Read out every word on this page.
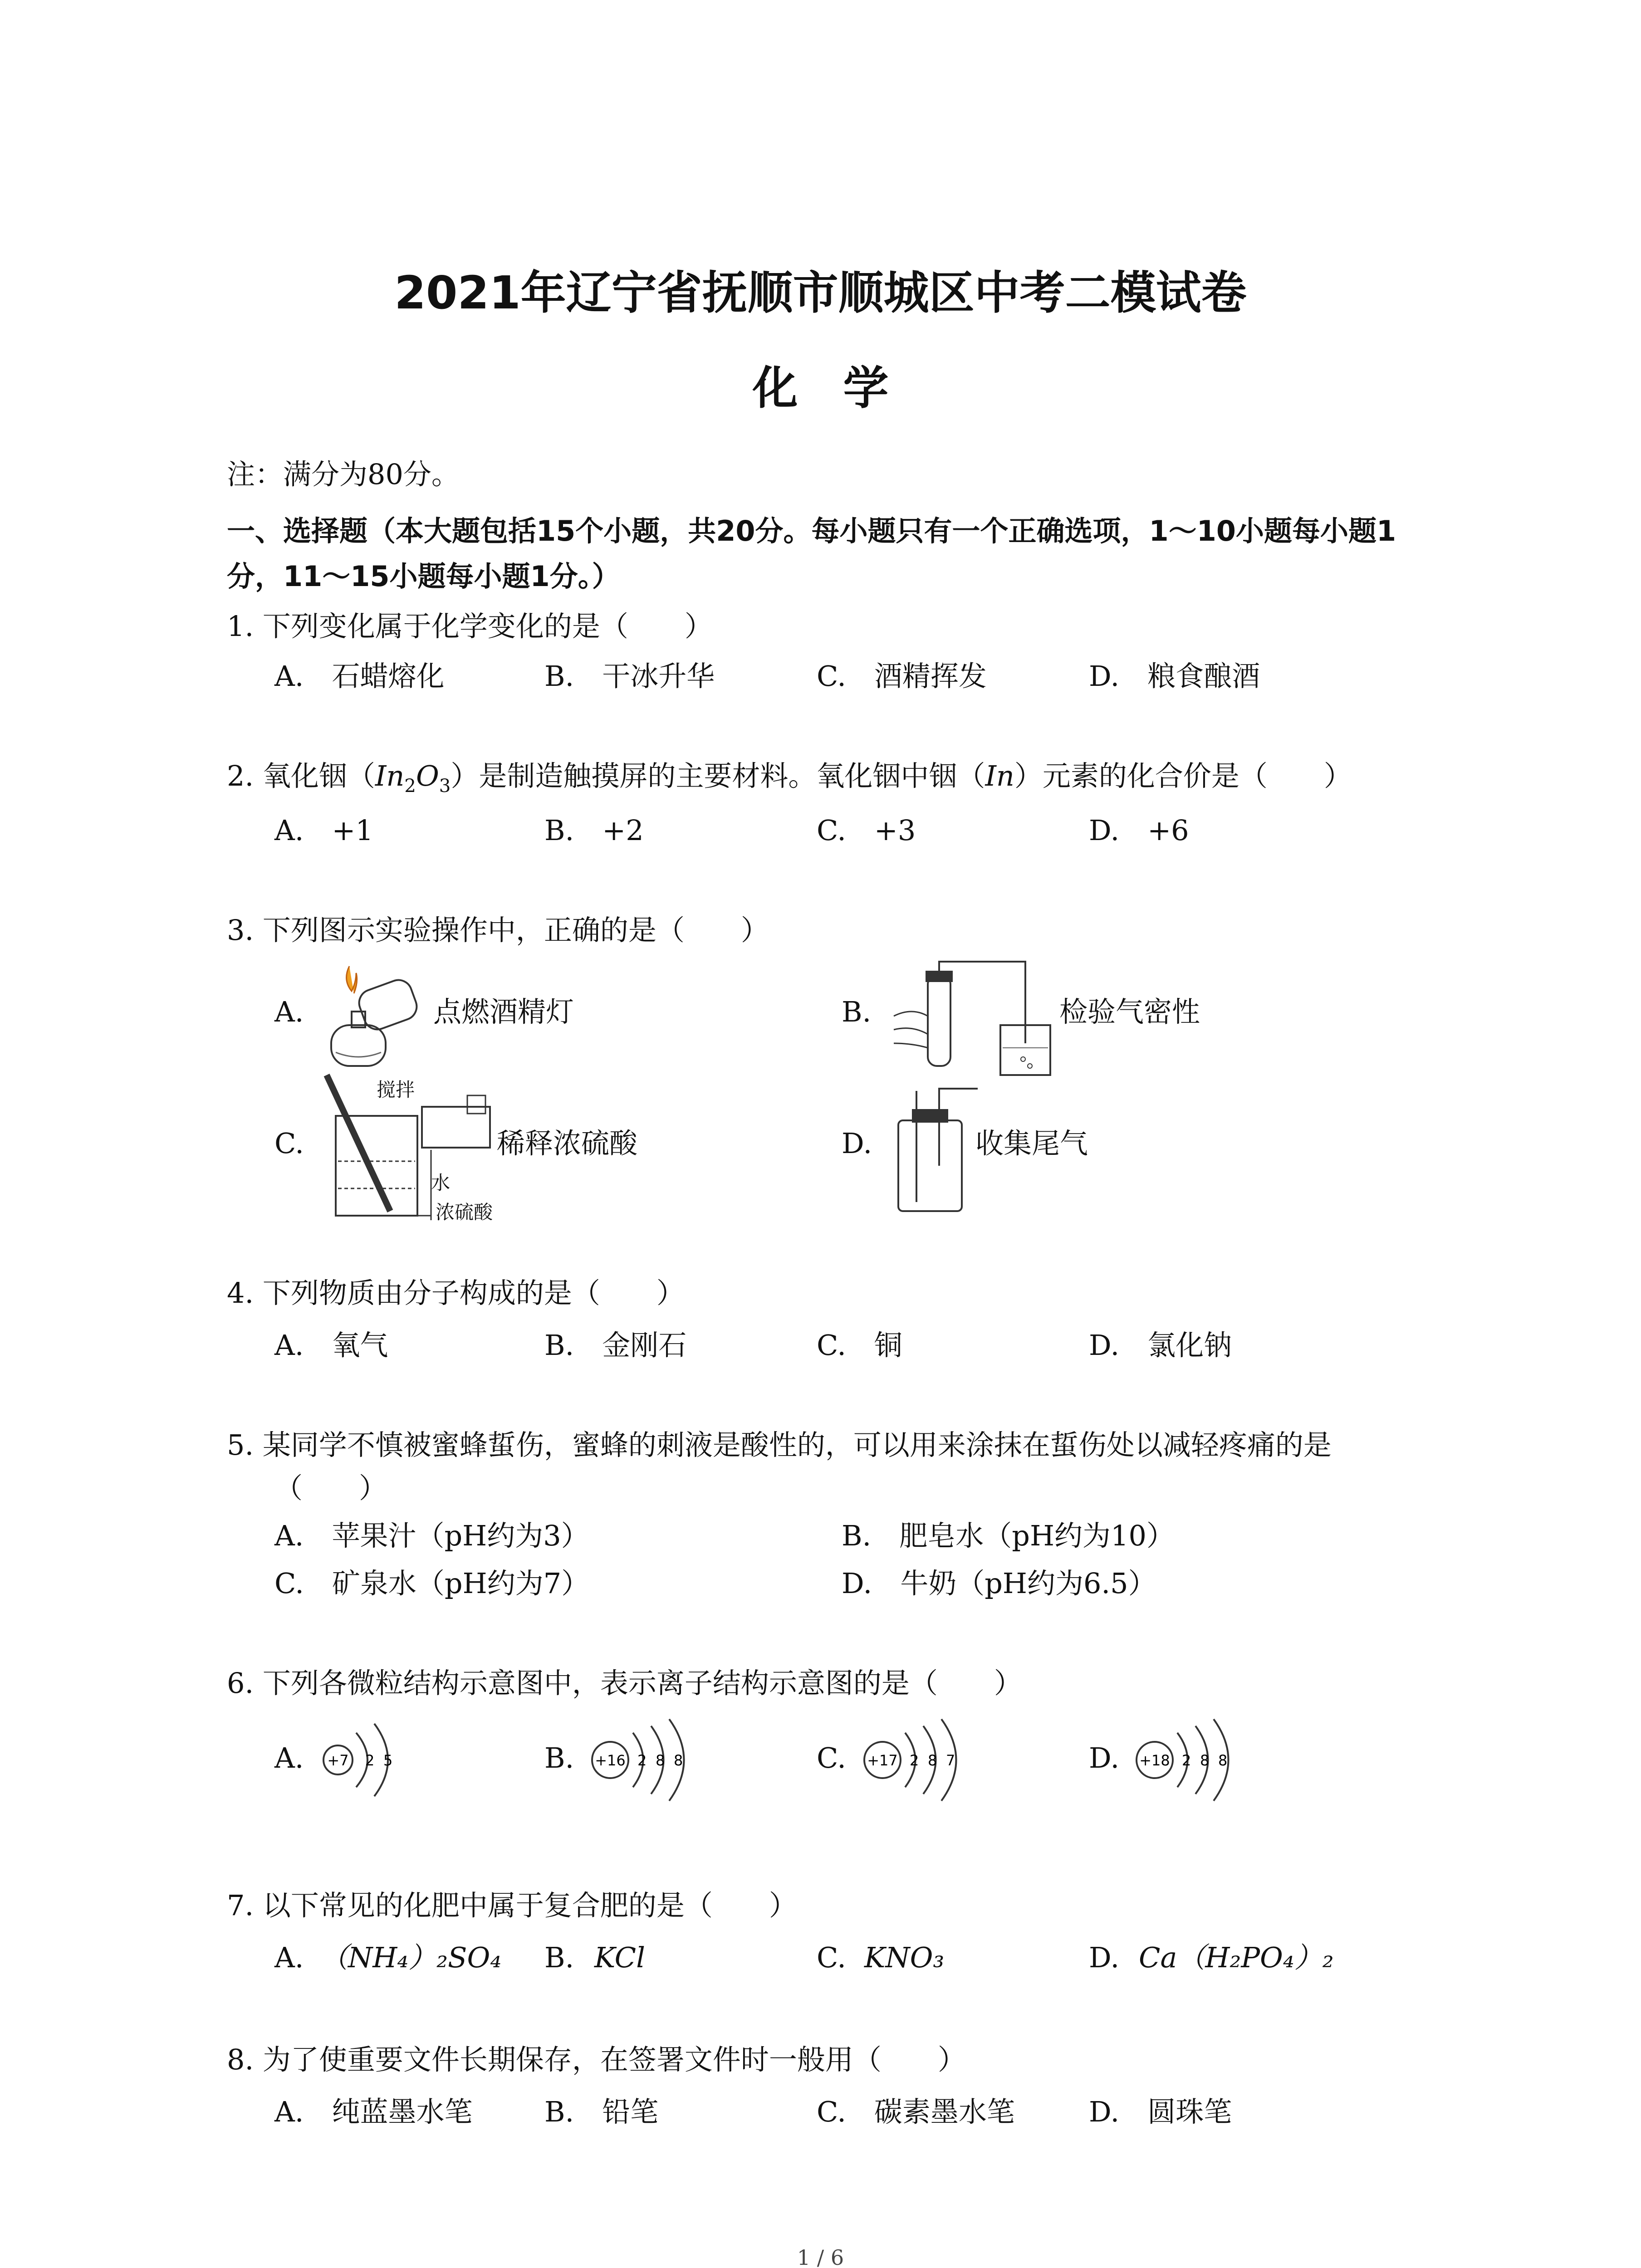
2021年辽宁省抚顺市顺城区中考二模试卷
化　学
注：满分为80分。
一、选择题（本大题包括15个小题，共20分。每小题只有一个正确选项，1～10小题每小题1
分，11～15小题每小题1分。）
1. 下列变化属于化学变化的是（　　）
A.　石蜡熔化	B.　干冰升华	C.　酒精挥发	D.　粮食酿酒
2. 氧化铟$(In_2O_3)$是制造触摸屏的主要材料。氧化铟中铟（In）元素的化合价是（　　）
A.　+1	B.　+2	C.　+3	D.　+6
3. 下列图示实验操作中，正确的是（　　）
A.	点燃酒精灯	B.	检验气密性
C.
搅拌
水
浓硫酸
稀释浓硫酸	D.	收集尾气
4. 下列物质由分子构成的是（　　）
A.　氧气	B.　金刚石	C.　铜	D.　氯化钠
5. 某同学不慎被蜜蜂蜇伤，蜜蜂的刺液是酸性的，可以用来涂抹在蜇伤处以减轻疼痛的是
（　　）
A.　苹果汁（pH约为3）	B.　肥皂水（pH约为10）
C.　矿泉水（pH约为7）	D.　牛奶（pH约为6.5）
6. 下列各微粒结构示意图中，表示离子结构示意图的是（　　）
A. +7 2 5	B. +16 2 8 8	C. +17 2 8 7	D. +18 2 8 8
7. 以下常见的化肥中属于复合肥的是（　　）
A. （NH₄）₂SO₄ B. KCl	C. KNO₃	D. Ca（H₂PO₄）₂
8. 为了使重要文件长期保存，在签署文件时一般用（　　）
A.　纯蓝墨水笔	B.　铅笔	C.　碳素墨水笔	D.　圆珠笔
1 / 6
